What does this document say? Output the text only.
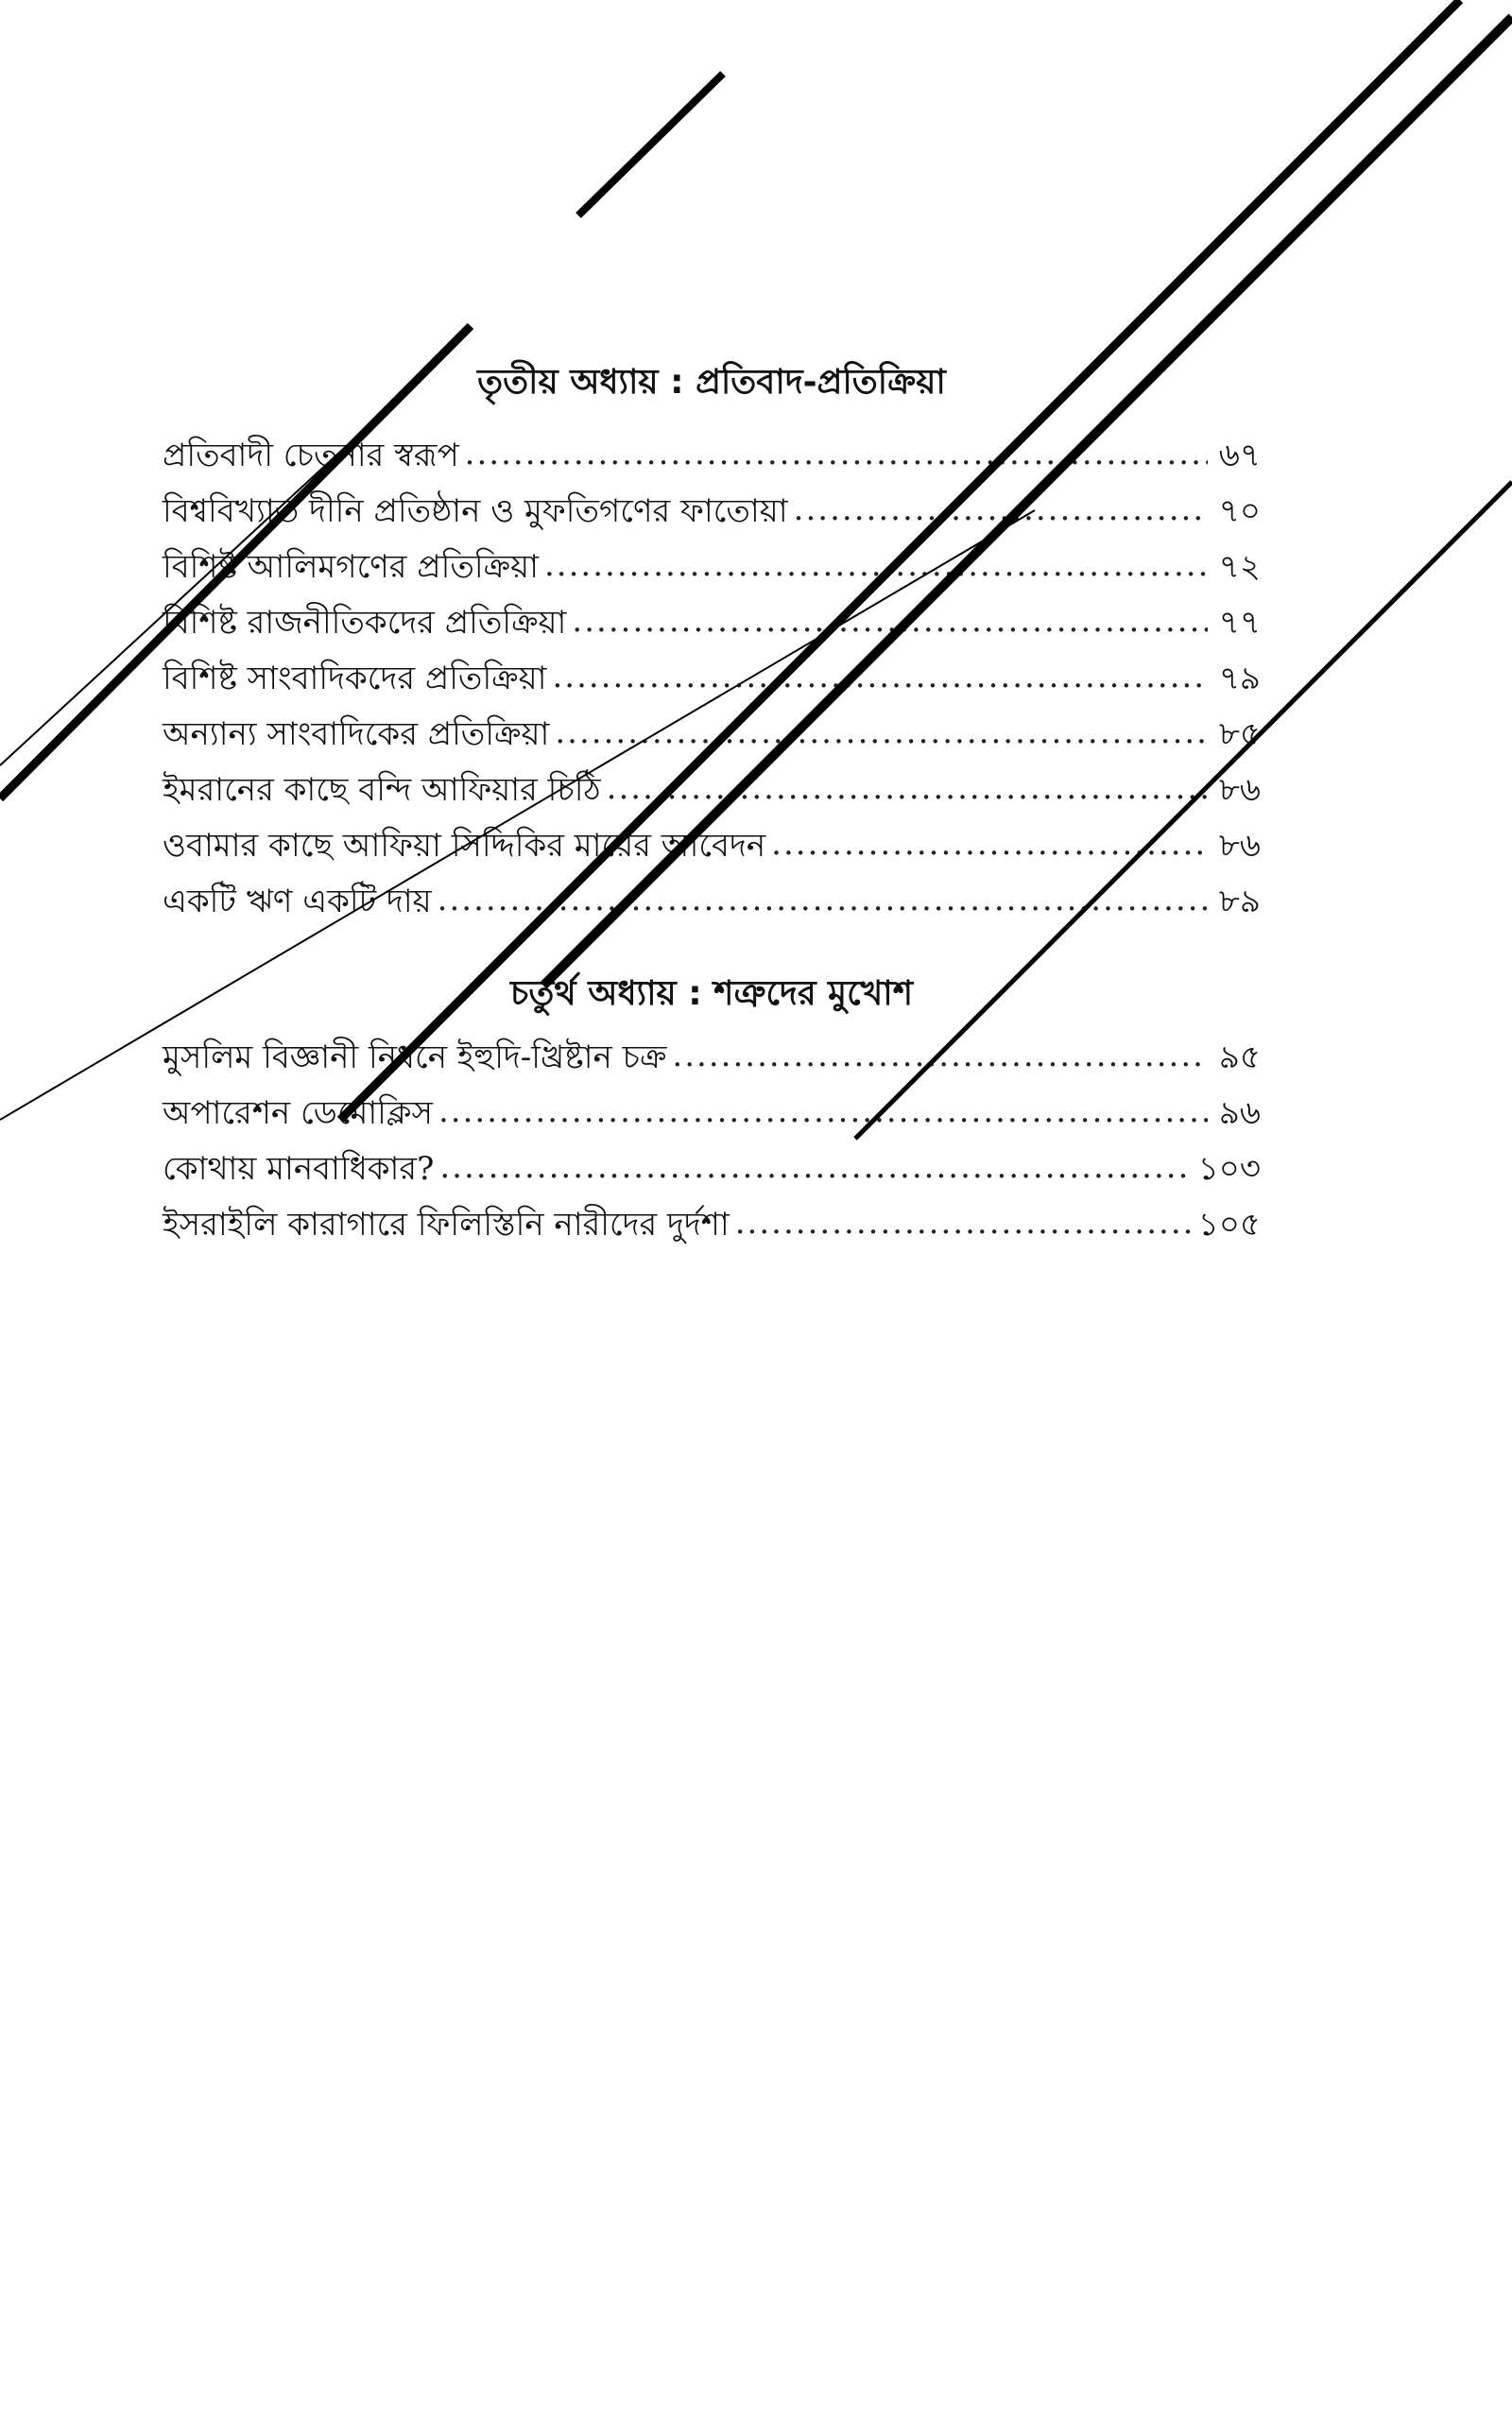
তৃতীয় অধ্যায় : প্রতিবাদ-প্রতিক্রিয়া
প্রতিবাদী চেতনার স্বরূপ .....	৬৭
বিশ্ববিখ্যাত দীনি প্রতিষ্ঠান ও মুফতিগণের ফাতোয়া .....	৭০
বিশিষ্ট আলিমগণের প্রতিক্রিয়া .....	৭২
বিশিষ্ট রাজনীতিকদের প্রতিক্রিয়া .....	৭৭
বিশিষ্ট সাংবাদিকদের প্রতিক্রিয়া .....	৭৯
অন্যান্য সাংবাদিকের প্রতিক্রিয়া .....	৮৫
ইমরানের কাছে বন্দি আফিয়ার চিঠি .....	৮৬
ওবামার কাছে আফিয়া সিদ্দিকির মায়ের আবেদন .....	৮৬
একটি ঋণ একটি দায় .....	৮৯
চতুর্থ অধ্যায় : শত্রুদের মুখোশ
মুসলিম বিজ্ঞানী নিধনে ইহুদি-খ্রিষ্টান চক্র .....	৯৫
অপারেশন ডেমোক্লিস .....	৯৬
কোথায় মানবাধিকার? .....	১০৩
ইসরাইলি কারাগারে ফিলিস্তিনি নারীদের দুর্দশা .....	১০৫
